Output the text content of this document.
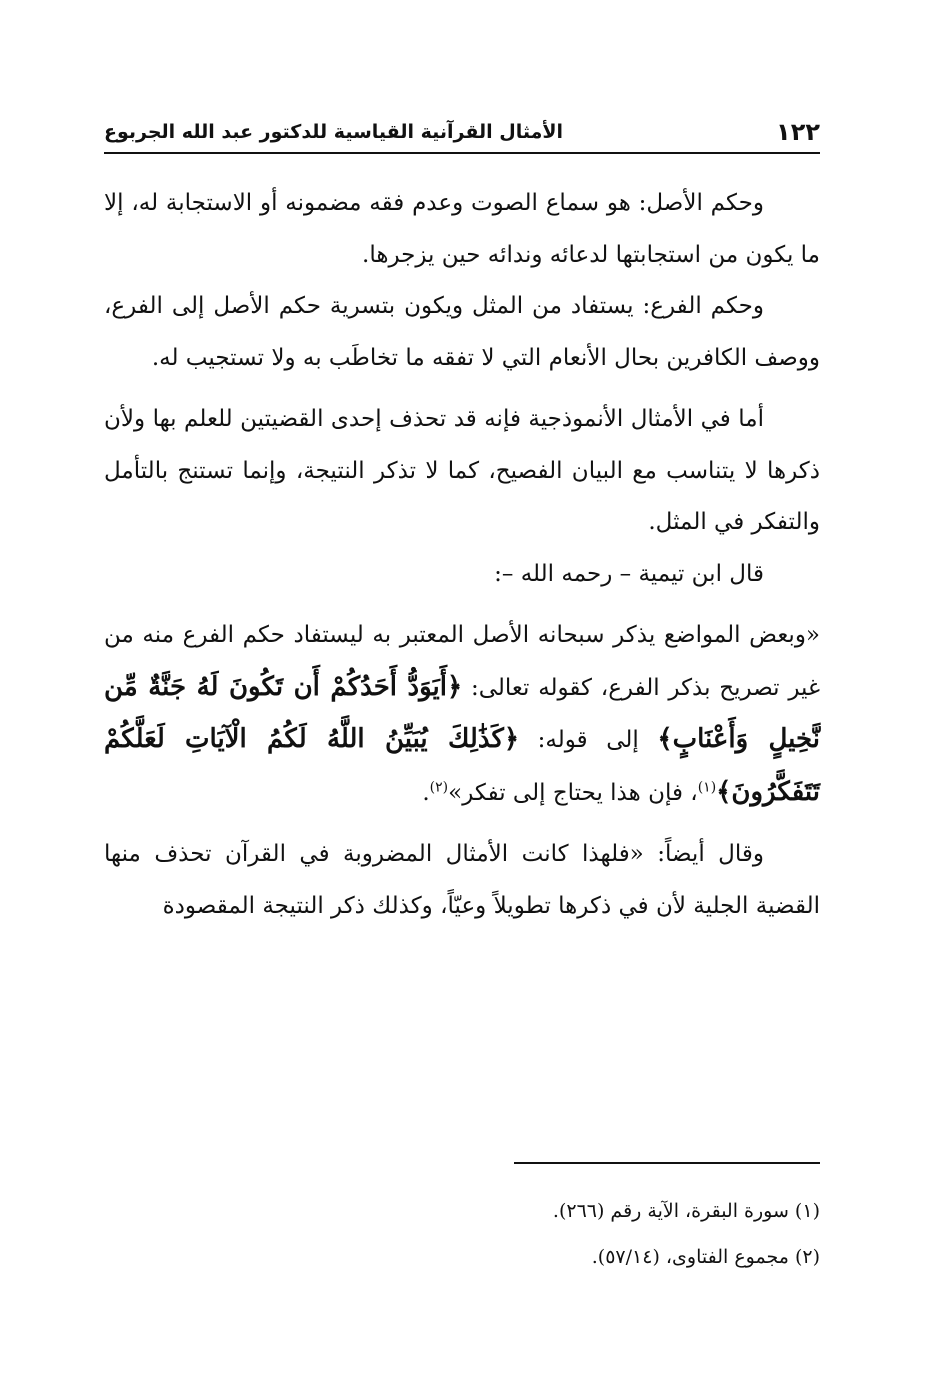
١٢٢
الأمثال القرآنية القياسية للدكتور عبد الله الجربوع

وحكم الأصل: هو سماع الصوت وعدم فقه مضمونه أو الاستجابة له، إلا ما يكون من استجابتها لدعائه وندائه حين يزجرها.

وحكم الفرع: يستفاد من المثل ويكون بتسرية حكم الأصل إلى الفرع، ووصف الكافرين بحال الأنعام التي لا تفقه ما تخاطَب به ولا تستجيب له.

أما في الأمثال الأنموذجية فإنه قد تحذف إحدى القضيتين للعلم بها ولأن ذكرها لا يتناسب مع البيان الفصيح، كما لا تذكر النتيجة، وإنما تستنج بالتأمل والتفكر في المثل.

قال ابن تيمية – رحمه الله –:

«وبعض المواضع يذكر سبحانه الأصل المعتبر به ليستفاد حكم الفرع منه من غير تصريح بذكر الفرع، كقوله تعالى: ﴿أَيَوَدُّ أَحَدُكُمْ أَن تَكُونَ لَهُ جَنَّةٌ مِّن نَّخِيلٍ وَأَعْنَابٍ﴾ إلى قوله: ﴿كَذَٰلِكَ يُبَيِّنُ اللَّهُ لَكُمُ الْآيَاتِ لَعَلَّكُمْ تَتَفَكَّرُونَ﴾$^{(١)}$، فإن هذا يحتاج إلى تفكر»$^{(٢)}$.

وقال أيضاً: «فلهذا كانت الأمثال المضروبة في القرآن تحذف منها القضية الجلية لأن في ذكرها تطويلاً وعيّاً، وكذلك ذكر النتيجة المقصودة

(١) سورة البقرة، الآية رقم (٢٦٦).

(٢) مجموع الفتاوى، (٥٧/١٤).
